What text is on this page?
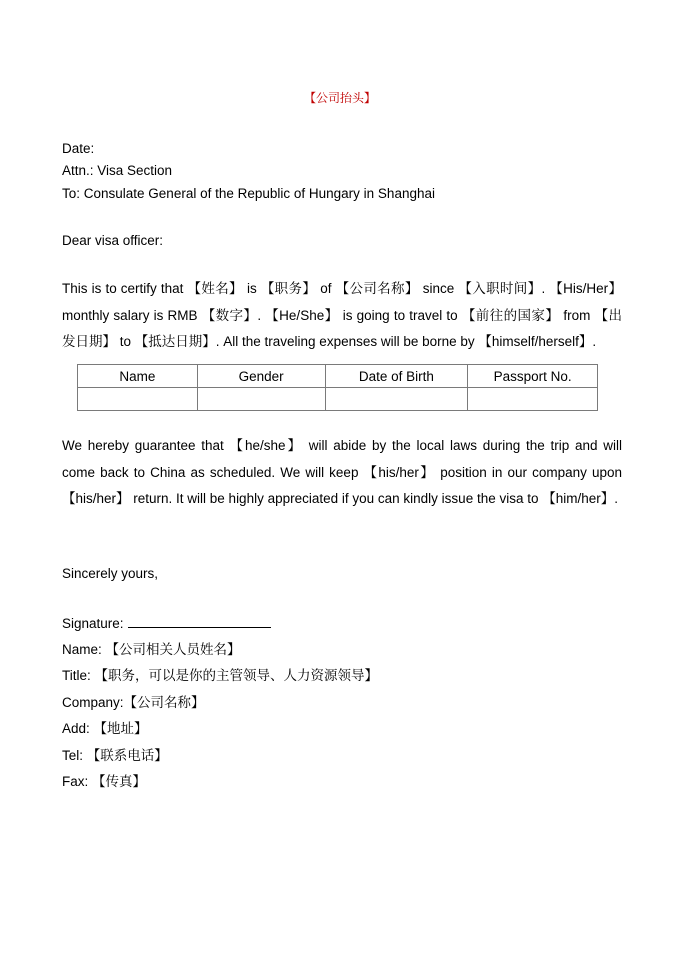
【公司抬头】
Date:
Attn.: Visa Section
To: Consulate General of the Republic of Hungary in Shanghai
Dear visa officer:
This is to certify that 【姓名】 is 【职务】 of 【公司名称】 since 【入职时间】. 【His/Her】
monthly salary is RMB 【数字】. 【He/She】 is going to travel to 【前往的国家】 from 【出
发日期】 to 【抵达日期】. All the traveling expenses will be borne by 【himself/herself】.
Name	Gender	Date of Birth	Passport No.

We hereby guarantee that 【he/she】 will abide by the local laws during the trip and will
come back to China as scheduled. We will keep 【his/her】 position in our company upon
【his/her】 return. It will be highly appreciated if you can kindly issue the visa to 【him/her】.
Sincerely yours,
Signature:
Name: 【公司相关人员姓名】
Title: 【职务，可以是你的主管领导、人力资源领导】
Company:【公司名称】
Add: 【地址】
Tel: 【联系电话】
Fax: 【传真】
